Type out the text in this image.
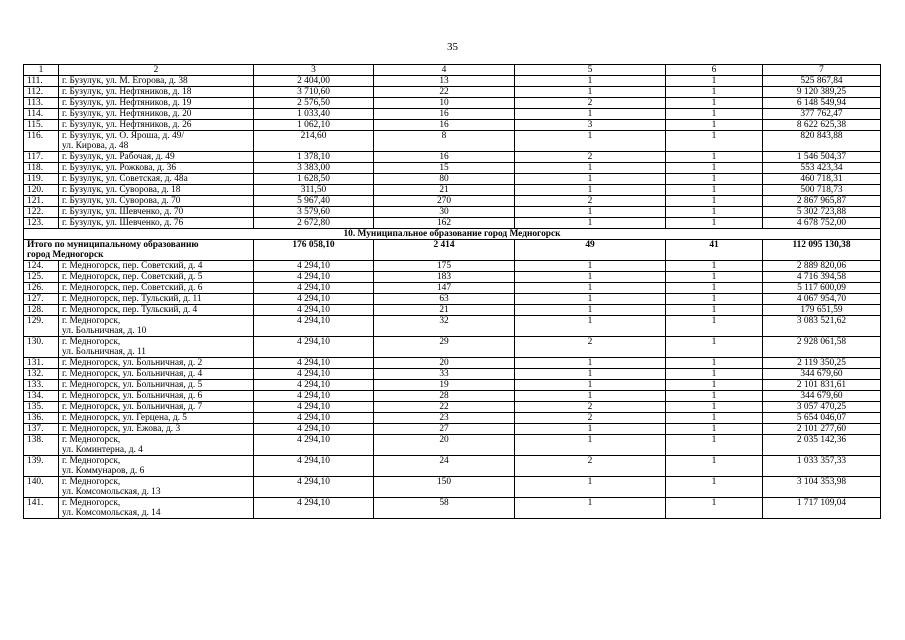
35
1	2	3	4	5	6	7
111.	г. Бузулук, ул. М. Егорова, д. 38	2 404,00	13	1	1	525 867,84
112.	г. Бузулук, ул. Нефтяников, д. 18	3 710,60	22	1	1	9 120 389,25
113.	г. Бузулук, ул. Нефтяников, д. 19	2 576,50	10	2	1	6 148 549,94
114.	г. Бузулук, ул. Нефтяников, д. 20	1 033,40	16	1	1	377 762,47
115.	г. Бузулук, ул. Нефтяников, д. 26	1 062,10	16	3	1	8 622 625,38
116.	г. Бузулук, ул. О. Яроша, д. 49/
ул. Кирова, д. 48	214,60	8	1	1	820 843,88
117.	г. Бузулук, ул. Рабочая, д. 49	1 378,10	16	2	1	1 546 504,37
118.	г. Бузулук, ул. Рожкова, д. 36	3 383,00	15	1	1	553 423,34
119.	г. Бузулук, ул. Советская, д. 48а	1 628,50	80	1	1	460 718,31
120.	г. Бузулук, ул. Суворова, д. 18	311,50	21	1	1	500 718,73
121.	г. Бузулук, ул. Суворова, д. 70	5 967,40	270	2	1	2 867 965,87
122.	г. Бузулук, ул. Шевченко, д. 70	3 579,60	30	1	1	5 302 723,88
123.	г. Бузулук, ул. Шевченко, д. 76	2 672,80	162	1	1	4 678 752,00
10. Муниципальное образование город Медногорск						

Итого по муниципальному образованию
город Медногорск		176 058,10	2 414	49	41	112 095 130,38
124.	г. Медногорск, пер. Советский, д. 4	4 294,10	175	1	1	2 889 820,06
125.	г. Медногорск, пер. Советский, д. 5	4 294,10	183	1	1	4 716 394,58
126.	г. Медногорск, пер. Советский, д. 6	4 294,10	147	1	1	5 117 600,09
127.	г. Медногорск, пер. Тульский, д. 11	4 294,10	63	1	1	4 067 954,70
128.	г. Медногорск, пер. Тульский, д. 4	4 294,10	21	1	1	179 651,59
129.	г. Медногорск,
ул. Больничная, д. 10	4 294,10	32	1	1	3 083 521,62
130.	г. Медногорск,
ул. Больничная, д. 11	4 294,10	29	2	1	2 928 061,58
131.	г. Медногорск, ул. Больничная, д. 2	4 294,10	20	1	1	2 119 350,25
132.	г. Медногорск, ул. Больничная, д. 4	4 294,10	33	1	1	344 679,60
133.	г. Медногорск, ул. Больничная, д. 5	4 294,10	19	1	1	2 101 831,61
134.	г. Медногорск, ул. Больничная, д. 6	4 294,10	28	1	1	344 679,60
135.	г. Медногорск, ул. Больничная, д. 7	4 294,10	22	2	1	3 057 470,25
136.	г. Медногорск, ул. Герцена, д. 5	4 294,10	23	2	1	5 654 046,07
137.	г. Медногорск, ул. Ежова, д. 3	4 294,10	27	1	1	2 101 277,60
138.	г. Медногорск,
ул. Коминтерна, д. 4	4 294,10	20	1	1	2 035 142,36
139.	г. Медногорск,
ул. Коммунаров, д. 6	4 294,10	24	2	1	1 033 357,33
140.	г. Медногорск,
ул. Комсомольская, д. 13	4 294,10	150	1	1	3 104 353,98
141.	г. Медногорск,
ул. Комсомольская, д. 14	4 294,10	58	1	1	1 717 109,04
